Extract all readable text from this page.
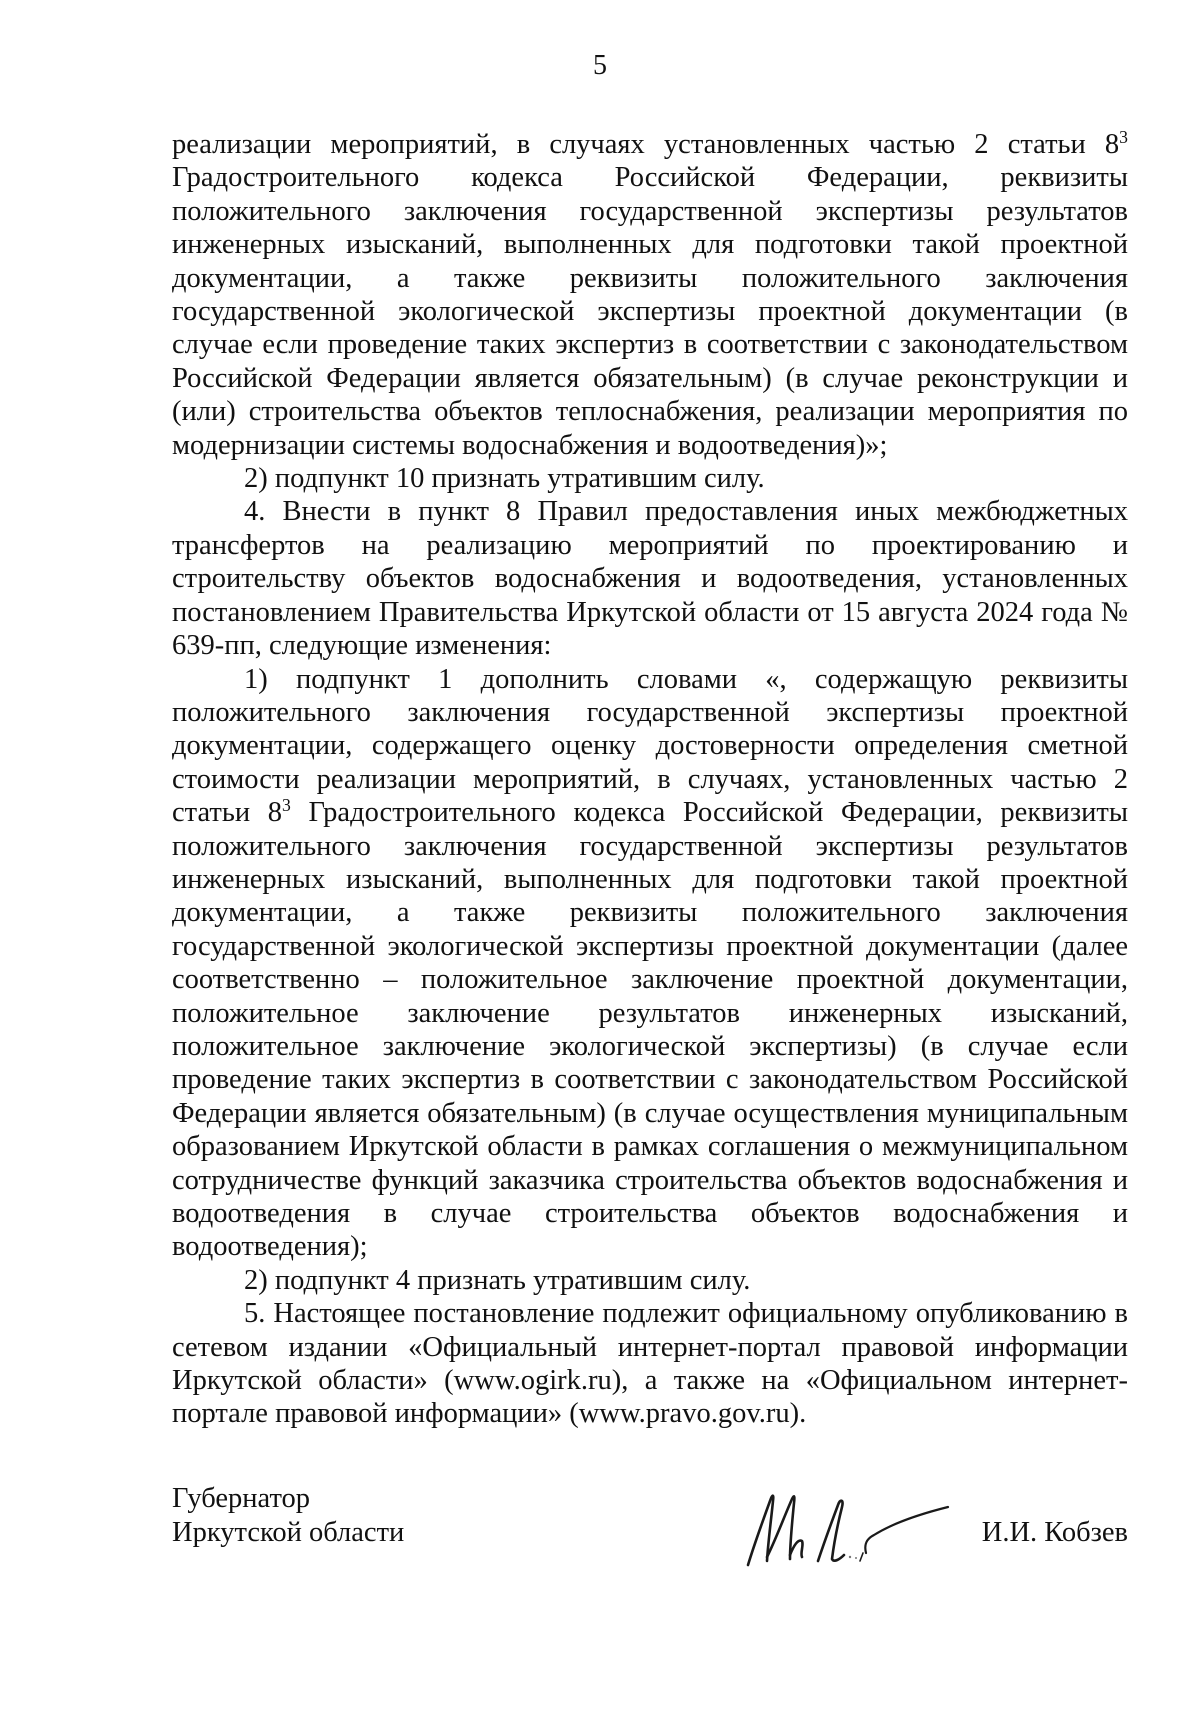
5

реализации мероприятий, в случаях установленных частью 2 статьи $8^3$ Градостроительного кодекса Российской Федерации, реквизиты положительного заключения государственной экспертизы результатов инженерных изысканий, выполненных для подготовки такой проектной документации, а также реквизиты положительного заключения государственной экологической экспертизы проектной документации (в случае если проведение таких экспертиз в соответствии с законодательством Российской Федерации является обязательным) (в случае реконструкции и (или) строительства объектов теплоснабжения, реализации мероприятия по модернизации системы водоснабжения и водоотведения)»;

2) подпункт 10 признать утратившим силу.

4. Внести в пункт 8 Правил предоставления иных межбюджетных трансфертов на реализацию мероприятий по проектированию и строительству объектов водоснабжения и водоотведения, установленных постановлением Правительства Иркутской области от 15 августа 2024 года № 639-пп, следующие изменения:

1) подпункт 1 дополнить словами «, содержащую реквизиты положительного заключения государственной экспертизы проектной документации, содержащего оценку достоверности определения сметной стоимости реализации мероприятий, в случаях, установленных частью 2 статьи $8^3$ Градостроительного кодекса Российской Федерации, реквизиты положительного заключения государственной экспертизы результатов инженерных изысканий, выполненных для подготовки такой проектной документации, а также реквизиты положительного заключения государственной экологической экспертизы проектной документации (далее соответственно – положительное заключение проектной документации, положительное заключение результатов инженерных изысканий, положительное заключение экологической экспертизы) (в случае если проведение таких экспертиз в соответствии с законодательством Российской Федерации является обязательным) (в случае осуществления муниципальным образованием Иркутской области в рамках соглашения о межмуниципальном сотрудничестве функций заказчика строительства объектов водоснабжения и водоотведения в случае строительства объектов водоснабжения и водоотведения);

2) подпункт 4 признать утратившим силу.

5. Настоящее постановление подлежит официальному опубликованию в сетевом издании «Официальный интернет-портал правовой информации Иркутской области» (www.ogirk.ru), а также на «Официальном интернет-портале правовой информации» (www.pravo.gov.ru).

Губернатор
Иркутской области	И.И. Кобзев
